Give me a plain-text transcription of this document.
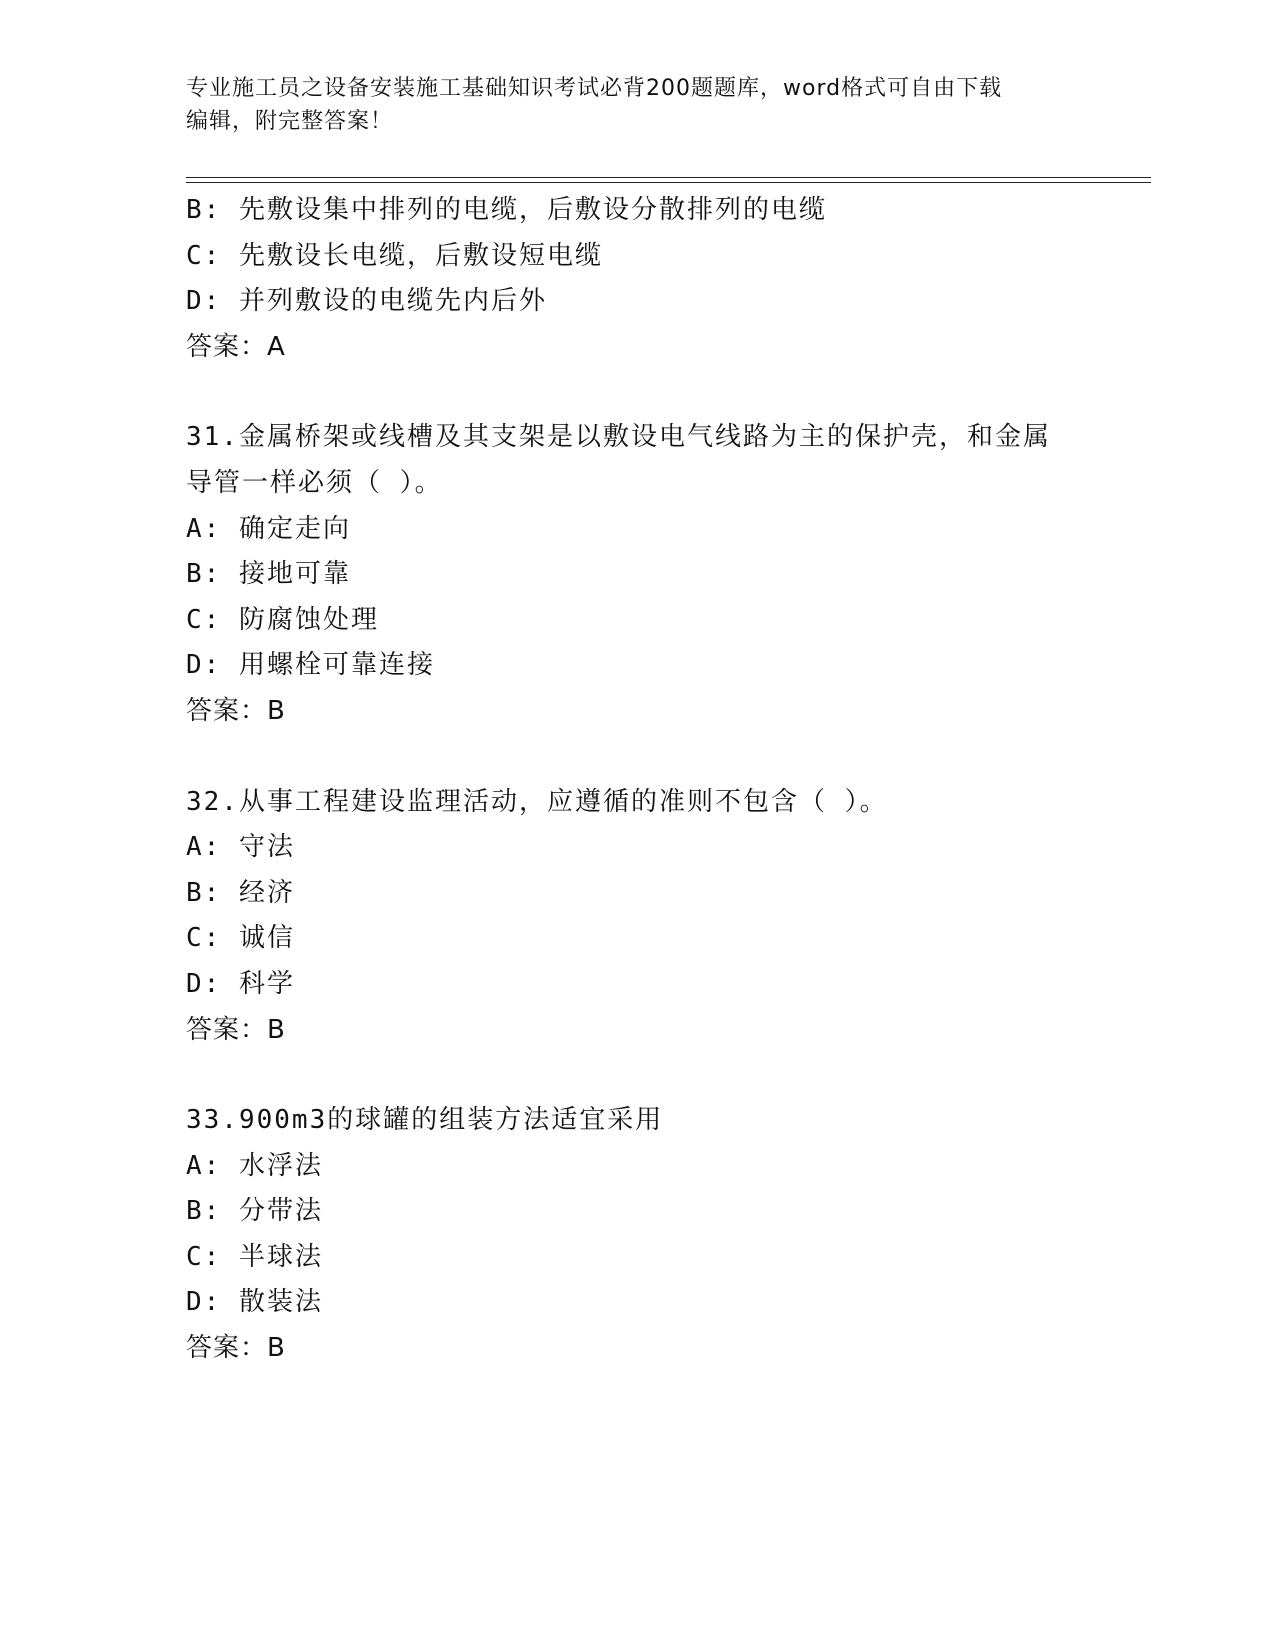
专业施工员之设备安装施工基础知识考试必背200题题库，word格式可自由下载
编辑，附完整答案！
B: 先敷设集中排列的电缆，后敷设分散排列的电缆
C: 先敷设长电缆，后敷设短电缆
D: 并列敷设的电缆先内后外
答案：A
31.金属桥架或线槽及其支架是以敷设电气线路为主的保护壳，和金属
导管一样必须（ ）。
A: 确定走向
B: 接地可靠
C: 防腐蚀处理
D: 用螺栓可靠连接
答案：B
32.从事工程建设监理活动，应遵循的准则不包含（ ）。
A: 守法
B: 经济
C: 诚信
D: 科学
答案：B
33.900m3的球罐的组装方法适宜采用
A: 水浮法
B: 分带法
C: 半球法
D: 散装法
答案：B
